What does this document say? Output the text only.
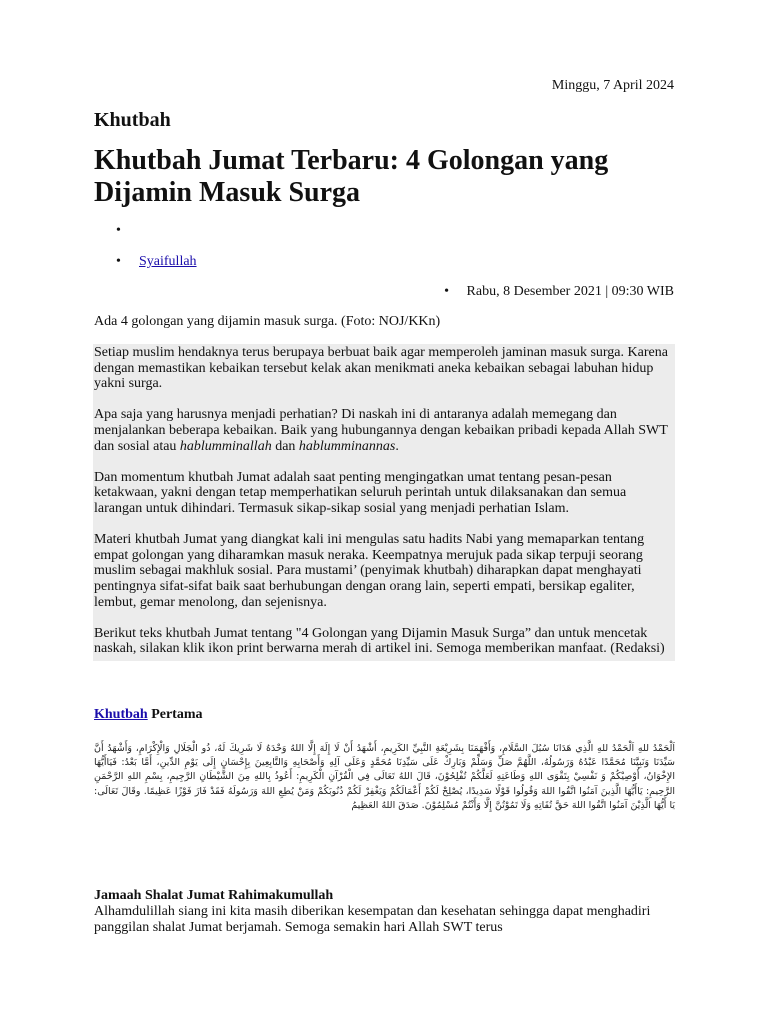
Minggu, 7 April 2024
Khutbah
Khutbah Jumat Terbaru: 4 Golongan yang Dijamin Masuk Surga
•
• Syaifullah
• Rabu, 8 Desember 2021 | 09:30 WIB
Ada 4 golongan yang dijamin masuk surga. (Foto: NOJ/KKn)

Setiap muslim hendaknya terus berupaya berbuat baik agar memperoleh jaminan masuk surga. Karena dengan memastikan kebaikan tersebut kelak akan menikmati aneka kebaikan sebagai labuhan hidup yakni surga.

Apa saja yang harusnya menjadi perhatian? Di naskah ini di antaranya adalah memegang dan menjalankan beberapa kebaikan. Baik yang hubungannya dengan kebaikan pribadi kepada Allah SWT dan sosial atau hablumminallah dan hablumminannas.

Dan momentum khutbah Jumat adalah saat penting mengingatkan umat tentang pesan-pesan ketakwaan, yakni dengan tetap memperhatikan seluruh perintah untuk dilaksanakan dan semua larangan untuk dihindari. Termasuk sikap-sikap sosial yang menjadi perhatian Islam.

Materi khutbah Jumat yang diangkat kali ini mengulas satu hadits Nabi yang memaparkan tentang empat golongan yang diharamkan masuk neraka. Keempatnya merujuk pada sikap terpuji seorang muslim sebagai makhluk sosial. Para mustami’ (penyimak khutbah) diharapkan dapat menghayati pentingnya sifat-sifat baik saat berhubungan dengan orang lain, seperti empati, bersikap egaliter, lembut, gemar menolong, dan sejenisnya.

Berikut teks khutbah Jumat tentang "4 Golongan yang Dijamin Masuk Surga” dan untuk mencetak naskah, silakan klik ikon print berwarna merah di artikel ini. Semoga memberikan manfaat. (Redaksi)

Khutbah Pertama
اَلْحَمْدُ للهِ اَلْحَمْدُ للهِ الَّذِي هَدَانَا سُبُلَ السَّلَامِ، وَأَفْهَمَنَا بِشَرِيْعَةِ النَّبِيِّ الكَرِيمِ، أَشْهَدُ أَنْ لَا إِلَهَ إِلَّا اللهُ وَحْدَهُ لَا شَرِيكَ لَهُ، ذُو الْجَلَالِ وَالْإِكْرَامِ، وَأَشْهَدُ أَنَّ سَيِّدَنَا وَنَبِيَّنَا مُحَمَّدًا عَبْدُهُ وَرَسُولُهُ، اللَّهُمَّ صَلِّ وَسَلِّمْ وَبَارِكْ عَلَى سَيِّدِنَا مُحَمَّدٍ وَعَلَى آلِهِ وَأَصْحَابِهِ وَالتَّابِعِينَ بِإِحْسَانٍ إِلَى يَوْمِ الدِّينِ، أَمَّا بَعْدُ: فَيَاأَيُّهَا الإِخْوَانُ، أُوْصِيْكُمْ وَ نَفْسِيْ بِتَقْوَى اللهِ وَطَاعَتِهِ لَعَلَّكُمْ تُفْلِحُوْنَ، قَالَ اللهُ تَعَالَى فِي الْقُرْآنِ الْكَرِيمِ: أَعُوذُ بِاللهِ مِنَ الشَّيْطَانِ الرَّجِيمِ، بِسْمِ اللهِ الرَّحْمَنِ الرَّحِيمِ: يَاأَيُّهَا الَّذِينَ آمَنُوا اتَّقُوا اللهَ وَقُولُوا قَوْلًا سَدِيدًا، يُصْلِحْ لَكُمْ أَعْمَالَكُمْ وَيَغْفِرْ لَكُمْ ذُنُوبَكُمْ وَمَنْ يُطِعِ اللهَ وَرَسُولَهُ فَقَدْ فَازَ فَوْزًا عَظِيمًا. وقَالَ تَعَالَى: يَا أَيُّهَا الَّذِيْنَ آمَنُوا اتَّقُوا اللهَ حَقَّ تُقَاتِهِ وَلَا تَمُوْتُنَّ إِلَّا وَأَنْتُمْ مُسْلِمُوْنَ. صَدَقَ اللهُ العَظِيمُ
Jamaah Shalat Jumat Rahimakumullah
Alhamdulillah siang ini kita masih diberikan kesempatan dan kesehatan sehingga dapat menghadiri panggilan shalat Jumat berjamah. Semoga semakin hari Allah SWT terus
